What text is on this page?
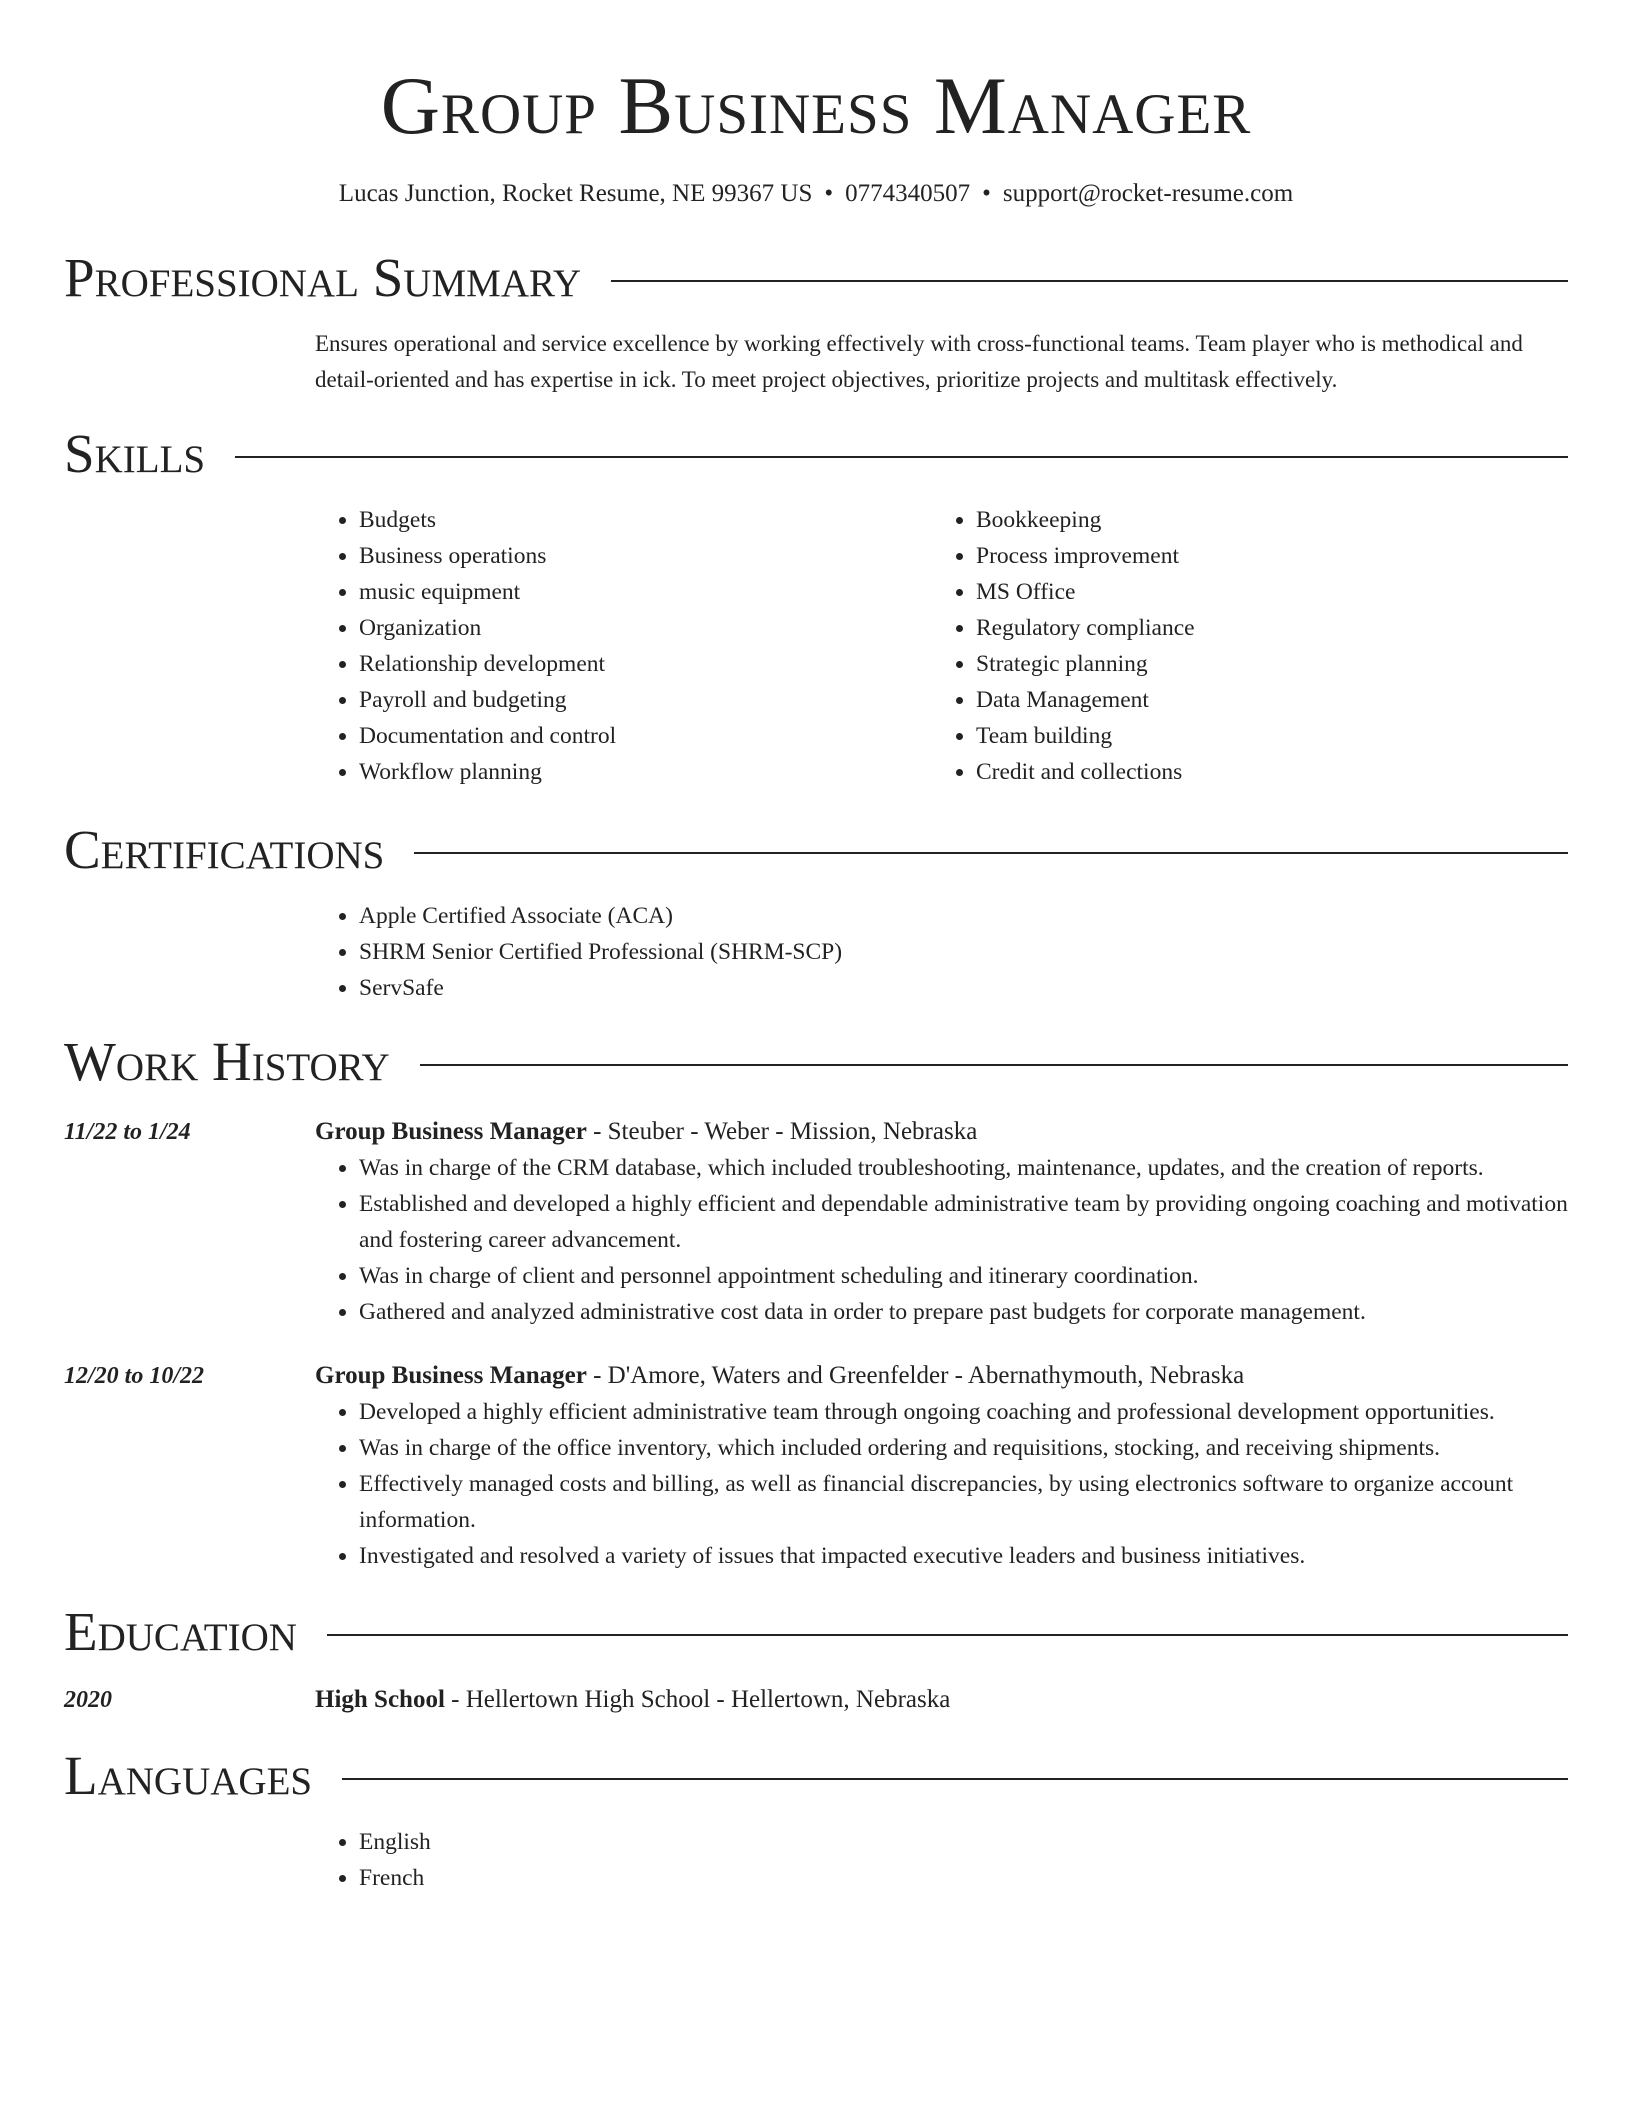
Group Business Manager
Lucas Junction, Rocket Resume, NE 99367 US • 0774340507 • support@rocket-resume.com
Professional Summary
Ensures operational and service excellence by working effectively with cross-functional teams. Team player who is methodical and detail-oriented and has expertise in ick. To meet project objectives, prioritize projects and multitask effectively.
Skills
• Budgets
• Business operations
• music equipment
• Organization
• Relationship development
• Payroll and budgeting
• Documentation and control
• Workflow planning
• Bookkeeping
• Process improvement
• MS Office
• Regulatory compliance
• Strategic planning
• Data Management
• Team building
• Credit and collections
Certifications
• Apple Certified Associate (ACA)
• SHRM Senior Certified Professional (SHRM-SCP)
• ServSafe
Work History
11/22 to 1/24	Group Business Manager - Steuber - Weber - Mission, Nebraska
• Was in charge of the CRM database, which included troubleshooting, maintenance, updates, and the creation of reports.
• Established and developed a highly efficient and dependable administrative team by providing ongoing coaching and motivation and fostering career advancement.
• Was in charge of client and personnel appointment scheduling and itinerary coordination.
• Gathered and analyzed administrative cost data in order to prepare past budgets for corporate management.
12/20 to 10/22	Group Business Manager - D'Amore, Waters and Greenfelder - Abernathymouth, Nebraska
• Developed a highly efficient administrative team through ongoing coaching and professional development opportunities.
• Was in charge of the office inventory, which included ordering and requisitions, stocking, and receiving shipments.
• Effectively managed costs and billing, as well as financial discrepancies, by using electronics software to organize account information.
• Investigated and resolved a variety of issues that impacted executive leaders and business initiatives.
Education
2020	High School - Hellertown High School - Hellertown, Nebraska
Languages
• English
• French
